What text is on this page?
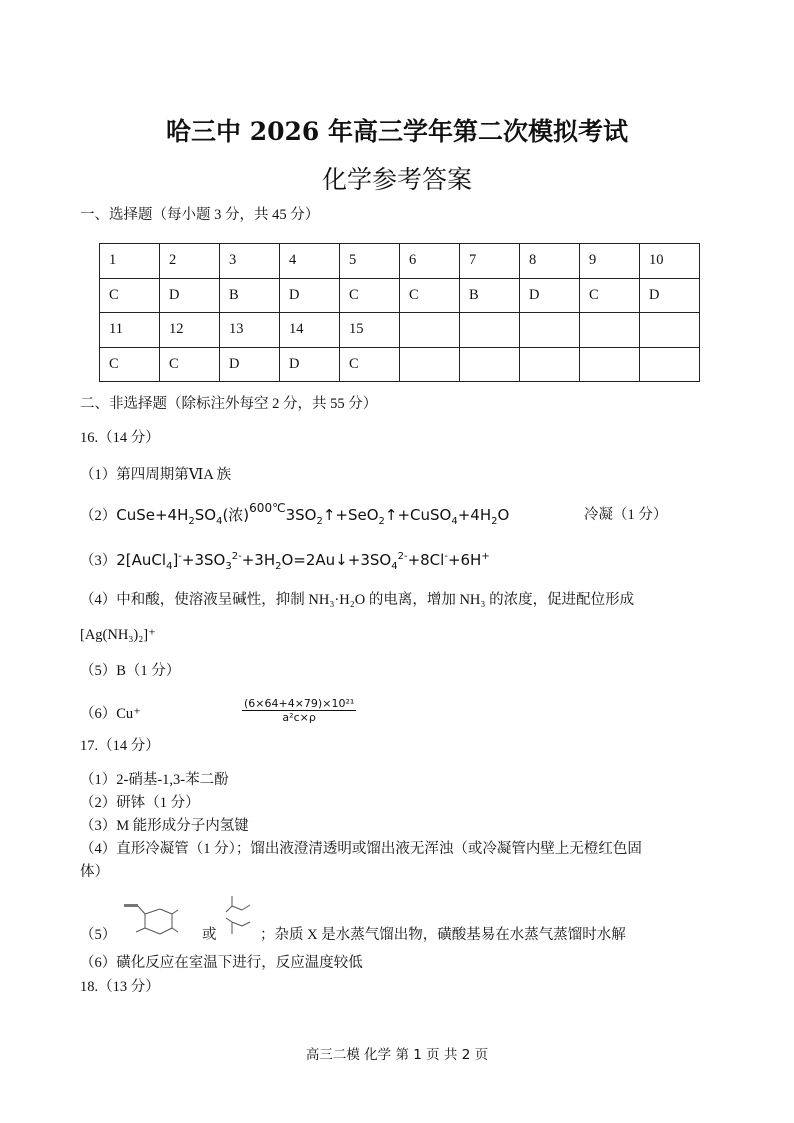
哈三中 2026 年高三学年第二次模拟考试
化学参考答案
一、选择题（每小题 3 分，共 45 分）
1	2	3	4	5	6	7	8	9	10
C	D	B	D	C	C	B	D	C	D
11	12	13	14	15					
C	C	D	D	C					
二、非选择题（除标注外每空 2 分，共 55 分）
16.（14 分）
（1）第四周期第ⅥA 族
$(2)CuSe+4H_2SO_4$(浓)$^{600℃}3SO_2↑+SeO_2↑+CuSO_4+4H_2O$	冷凝（1 分）
$(3)2[AuCl_4]^-+3SO_3^{2-}+3H_2O=2Au↓+3SO_4^{2-}+8Cl^-+6H^+$
（4）中和酸，使溶液呈碱性，抑制 NH₃·H₂O 的电离，增加 NH₃ 的浓度，促进配位形成
[Ag(NH₃)₂]⁺
（5）B（1 分）
（6）Cu⁺	$\frac{\text{(6×64+4×79)×10²¹}}{\text{a²c×ρ}}$
17.（14 分）
（1）2-硝基-1,3-苯二酚
（2）研钵（1 分）
（3）M 能形成分子内氢键
（4）直形冷凝管（1 分）；馏出液澄清透明或馏出液无浑浊（或冷凝管内壁上无橙红色固
体）
（5）	或	；杂质 X 是水蒸气馏出物，磺酸基易在水蒸气蒸馏时水解
（6）磺化反应在室温下进行，反应温度较低
18.（13 分）
高三二模 化学 第 1 页 共 2 页
